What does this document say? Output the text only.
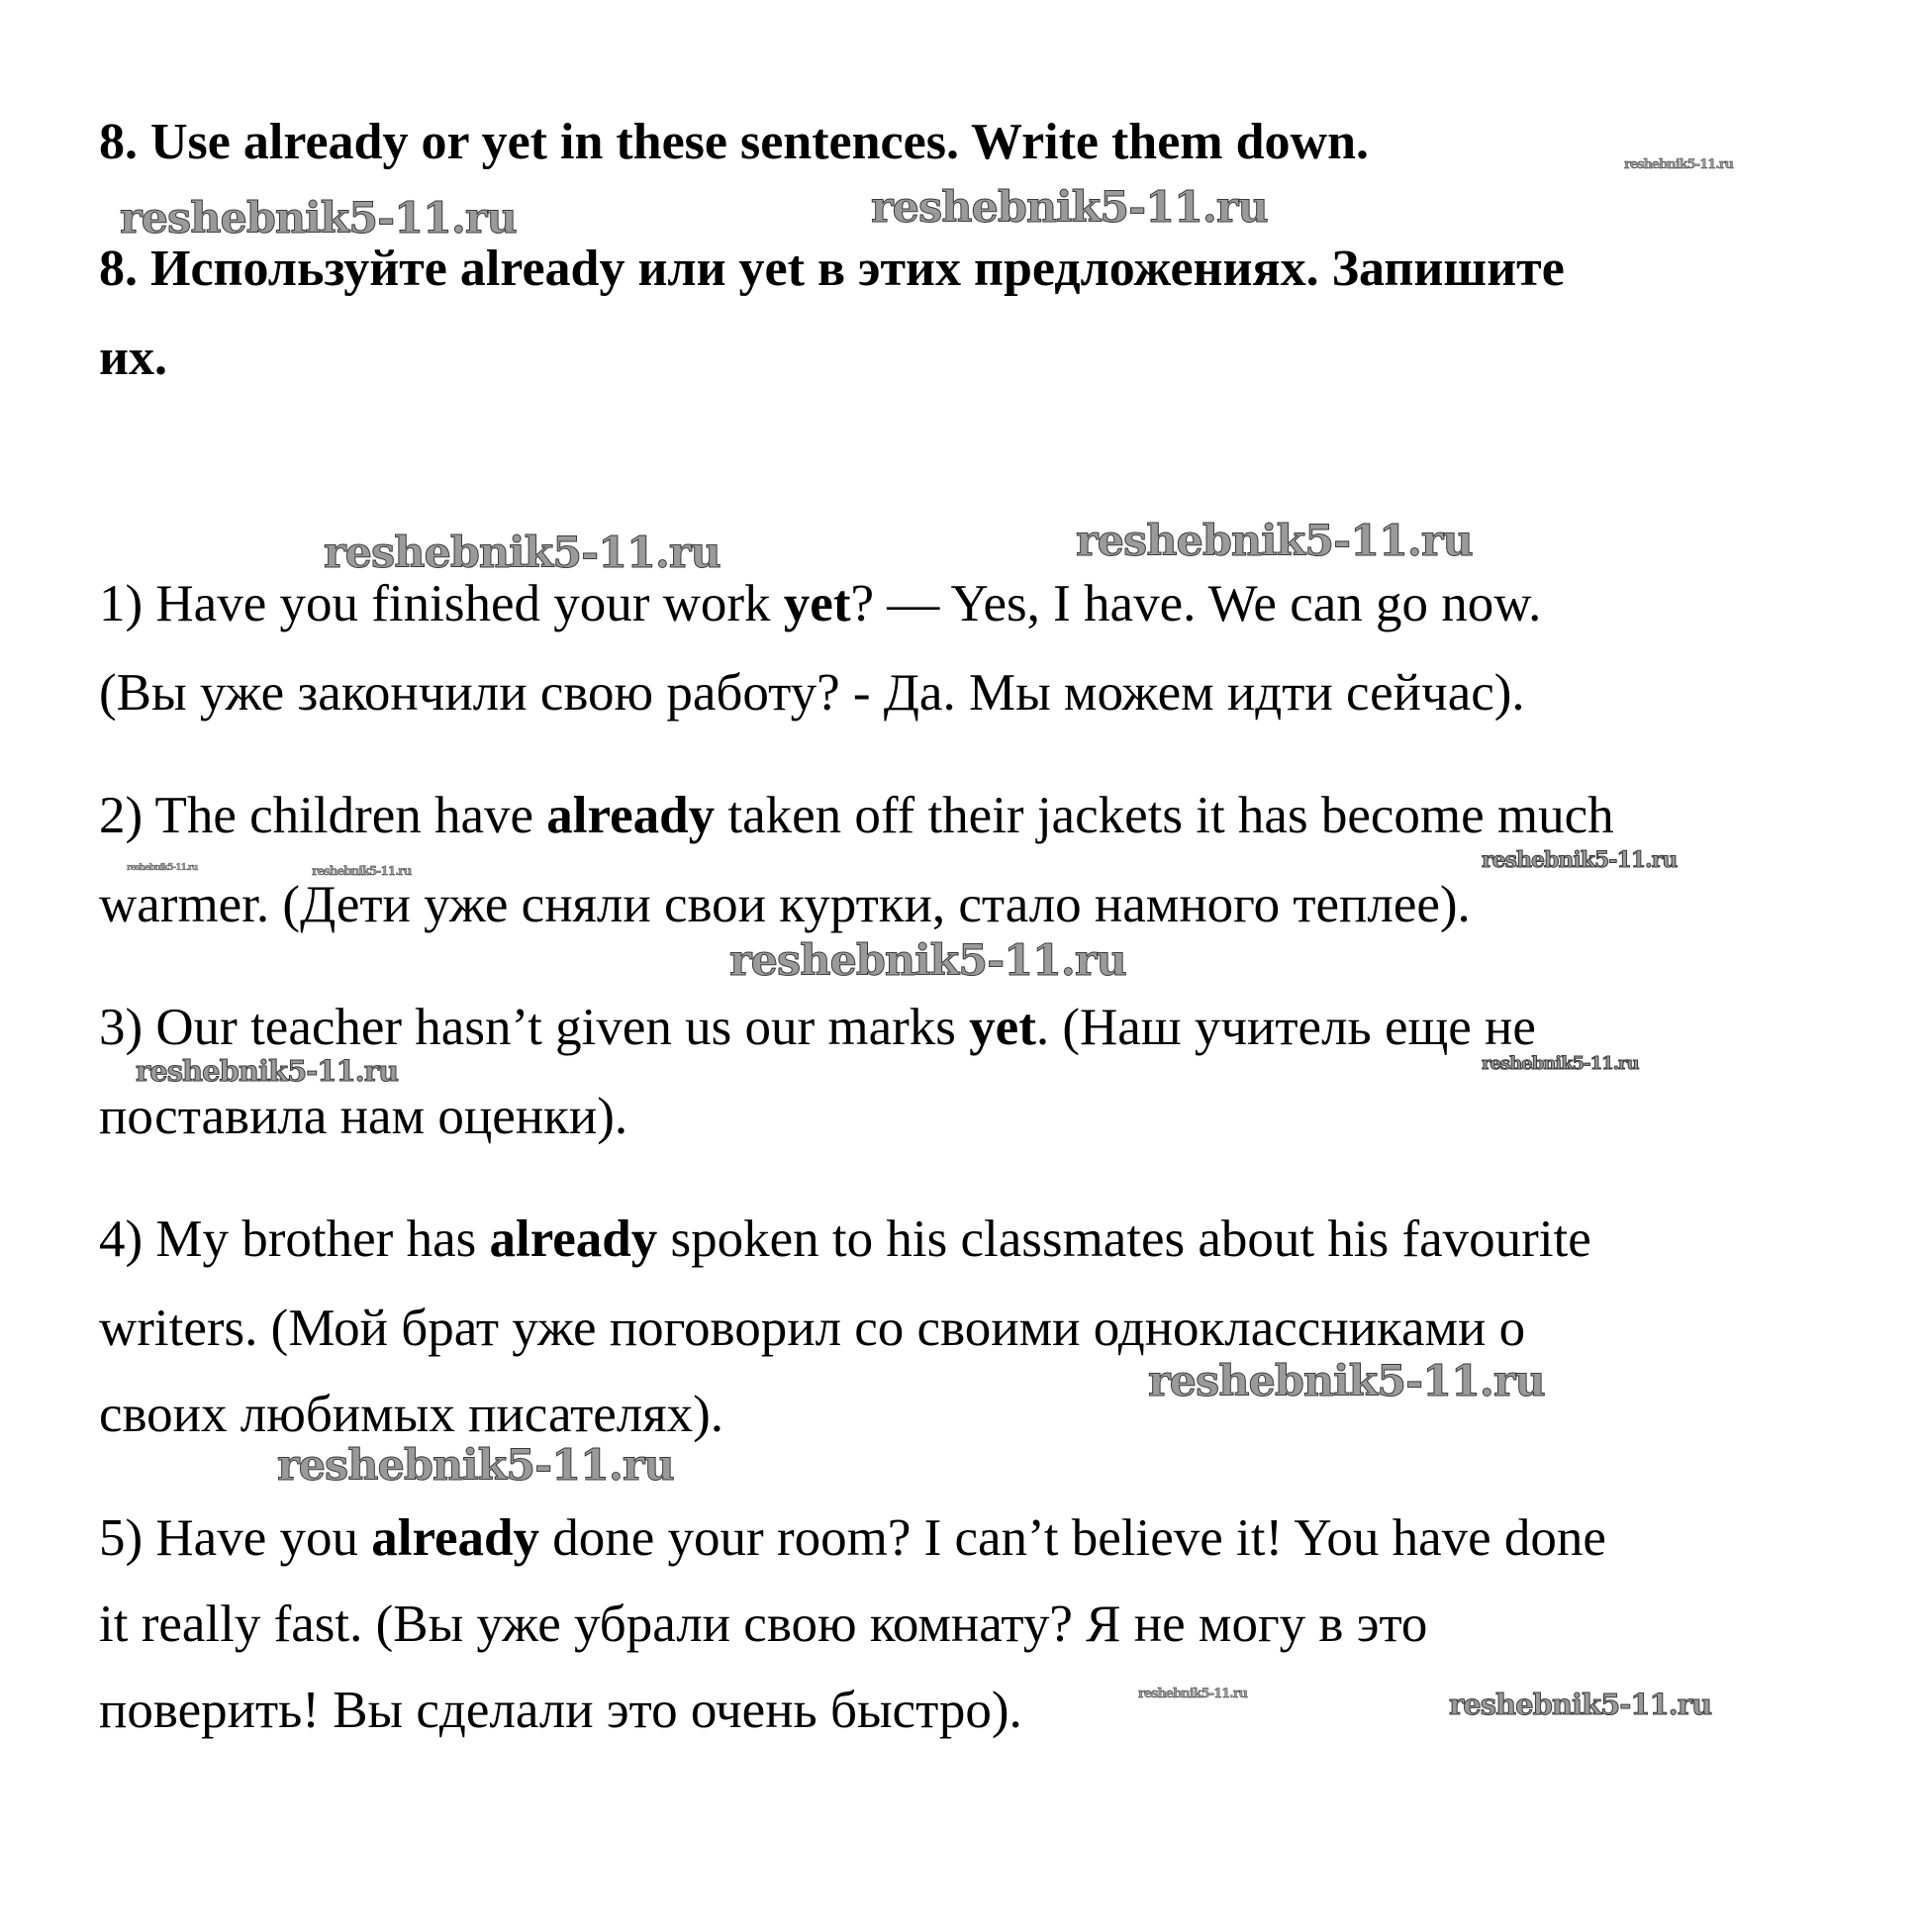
8. Use already or yet in these sentences. Write them down.
8. Используйте already или yet в этих предложениях. Запишите
их.
1) Have you finished your work yet? — Yes, I have. We can go now.
(Вы уже закончили свою работу? - Да. Мы можем идти сейчас).
2) The children have already taken off their jackets it has become much
warmer. (Дети уже сняли свои куртки, стало намного теплее).
3) Our teacher hasn’t given us our marks yet. (Наш учитель еще не
поставила нам оценки).
4) My brother has already spoken to his classmates about his favourite
writers. (Мой брат уже поговорил со своими одноклассниками о
своих любимых писателях).
5) Have you already done your room? I can’t believe it! You have done
it really fast. (Вы уже убрали свою комнату? Я не могу в это
поверить! Вы сделали это очень быстро).
reshebnik5-11.ru
reshebnik5-11.ru	reshebnik5-11.ru
reshebnik5-11.ru	reshebnik5-11.ru
reshebnik5-11.ru	reshebnik5-11.ru	reshebnik5-11.ru
reshebnik5-11.ru
reshebnik5-11.ru	reshebnik5-11.ru
reshebnik5-11.ru
reshebnik5-11.ru
reshebnik5-11.ru	reshebnik5-11.ru
